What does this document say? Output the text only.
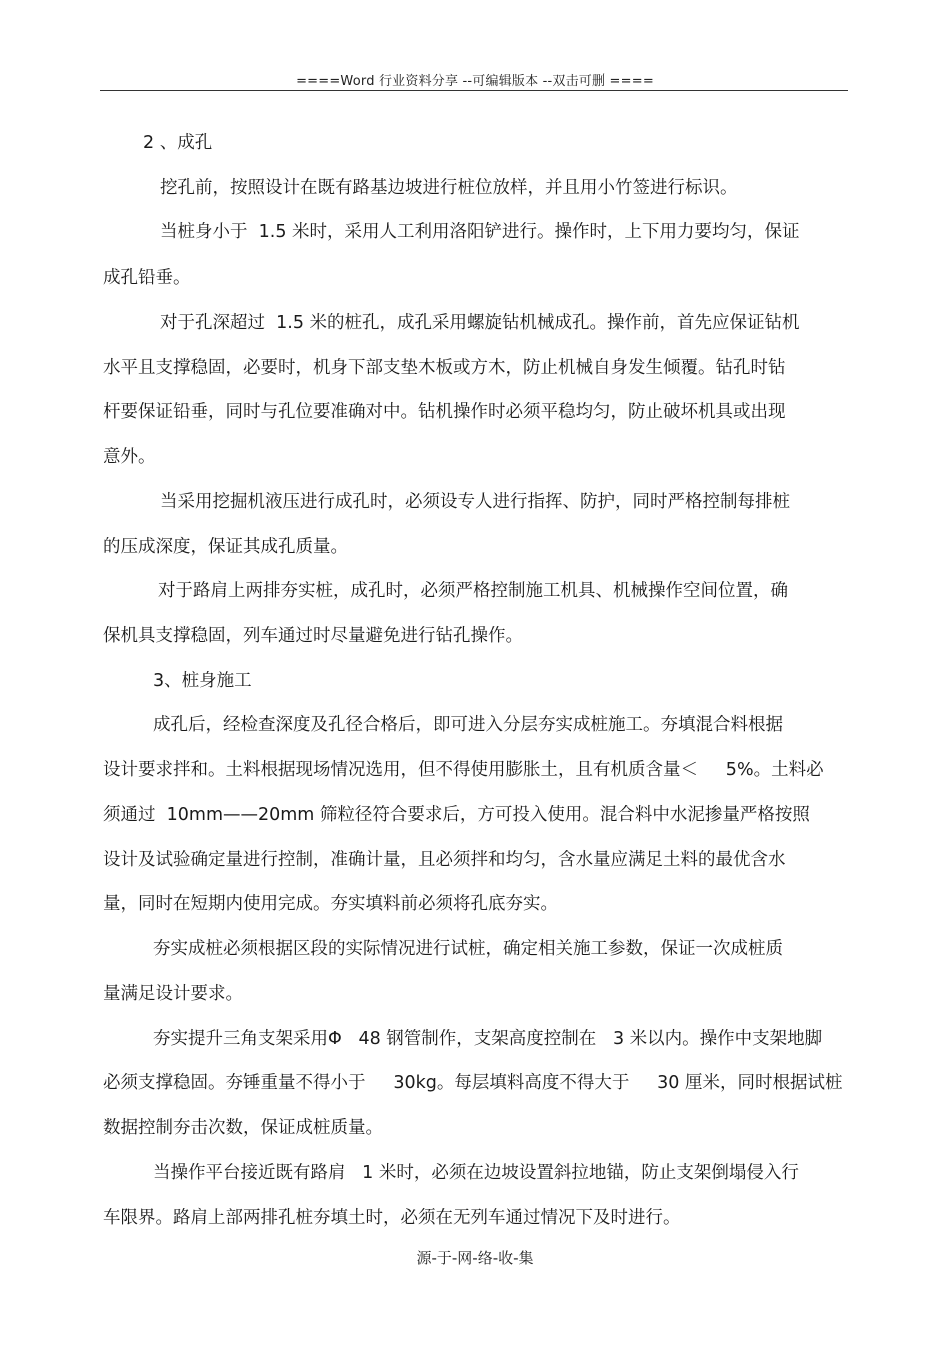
====Word 行业资料分享 --可编辑版本 --双击可删 ====
2 、成孔
挖孔前，按照设计在既有路基边坡进行桩位放样，并且用小竹签进行标识。
当桩身小于  1.5 米时，采用人工利用洛阳铲进行。操作时，上下用力要均匀，保证
成孔铅垂。
对于孔深超过  1.5 米的桩孔，成孔采用螺旋钻机械成孔。操作前，首先应保证钻机
水平且支撑稳固，必要时，机身下部支垫木板或方木，防止机械自身发生倾覆。钻孔时钻
杆要保证铅垂，同时与孔位要准确对中。钻机操作时必须平稳均匀，防止破坏机具或出现
意外。
当采用挖掘机液压进行成孔时，必须设专人进行指挥、防护，同时严格控制每排桩
的压成深度，保证其成孔质量。
对于路肩上两排夯实桩，成孔时，必须严格控制施工机具、机械操作空间位置，确
保机具支撑稳固，列车通过时尽量避免进行钻孔操作。
3、桩身施工
成孔后，经检查深度及孔径合格后，即可进入分层夯实成桩施工。夯填混合料根据
设计要求拌和。土料根据现场情况选用，但不得使用膨胀土，且有机质含量＜     5%。土料必
须通过  10mm——20mm 筛粒径符合要求后，方可投入使用。混合料中水泥掺量严格按照
设计及试验确定量进行控制，准确计量，且必须拌和均匀，含水量应满足土料的最优含水
量，同时在短期内使用完成。夯实填料前必须将孔底夯实。
夯实成桩必须根据区段的实际情况进行试桩，确定相关施工参数，保证一次成桩质
量满足设计要求。
夯实提升三角支架采用Φ   48 钢管制作，支架高度控制在   3 米以内。操作中支架地脚
必须支撑稳固。夯锤重量不得小于     30kg。每层填料高度不得大于     30 厘米，同时根据试桩
数据控制夯击次数，保证成桩质量。
当操作平台接近既有路肩   1 米时，必须在边坡设置斜拉地锚，防止支架倒塌侵入行
车限界。路肩上部两排孔桩夯填土时，必须在无列车通过情况下及时进行。
源-于-网-络-收-集
